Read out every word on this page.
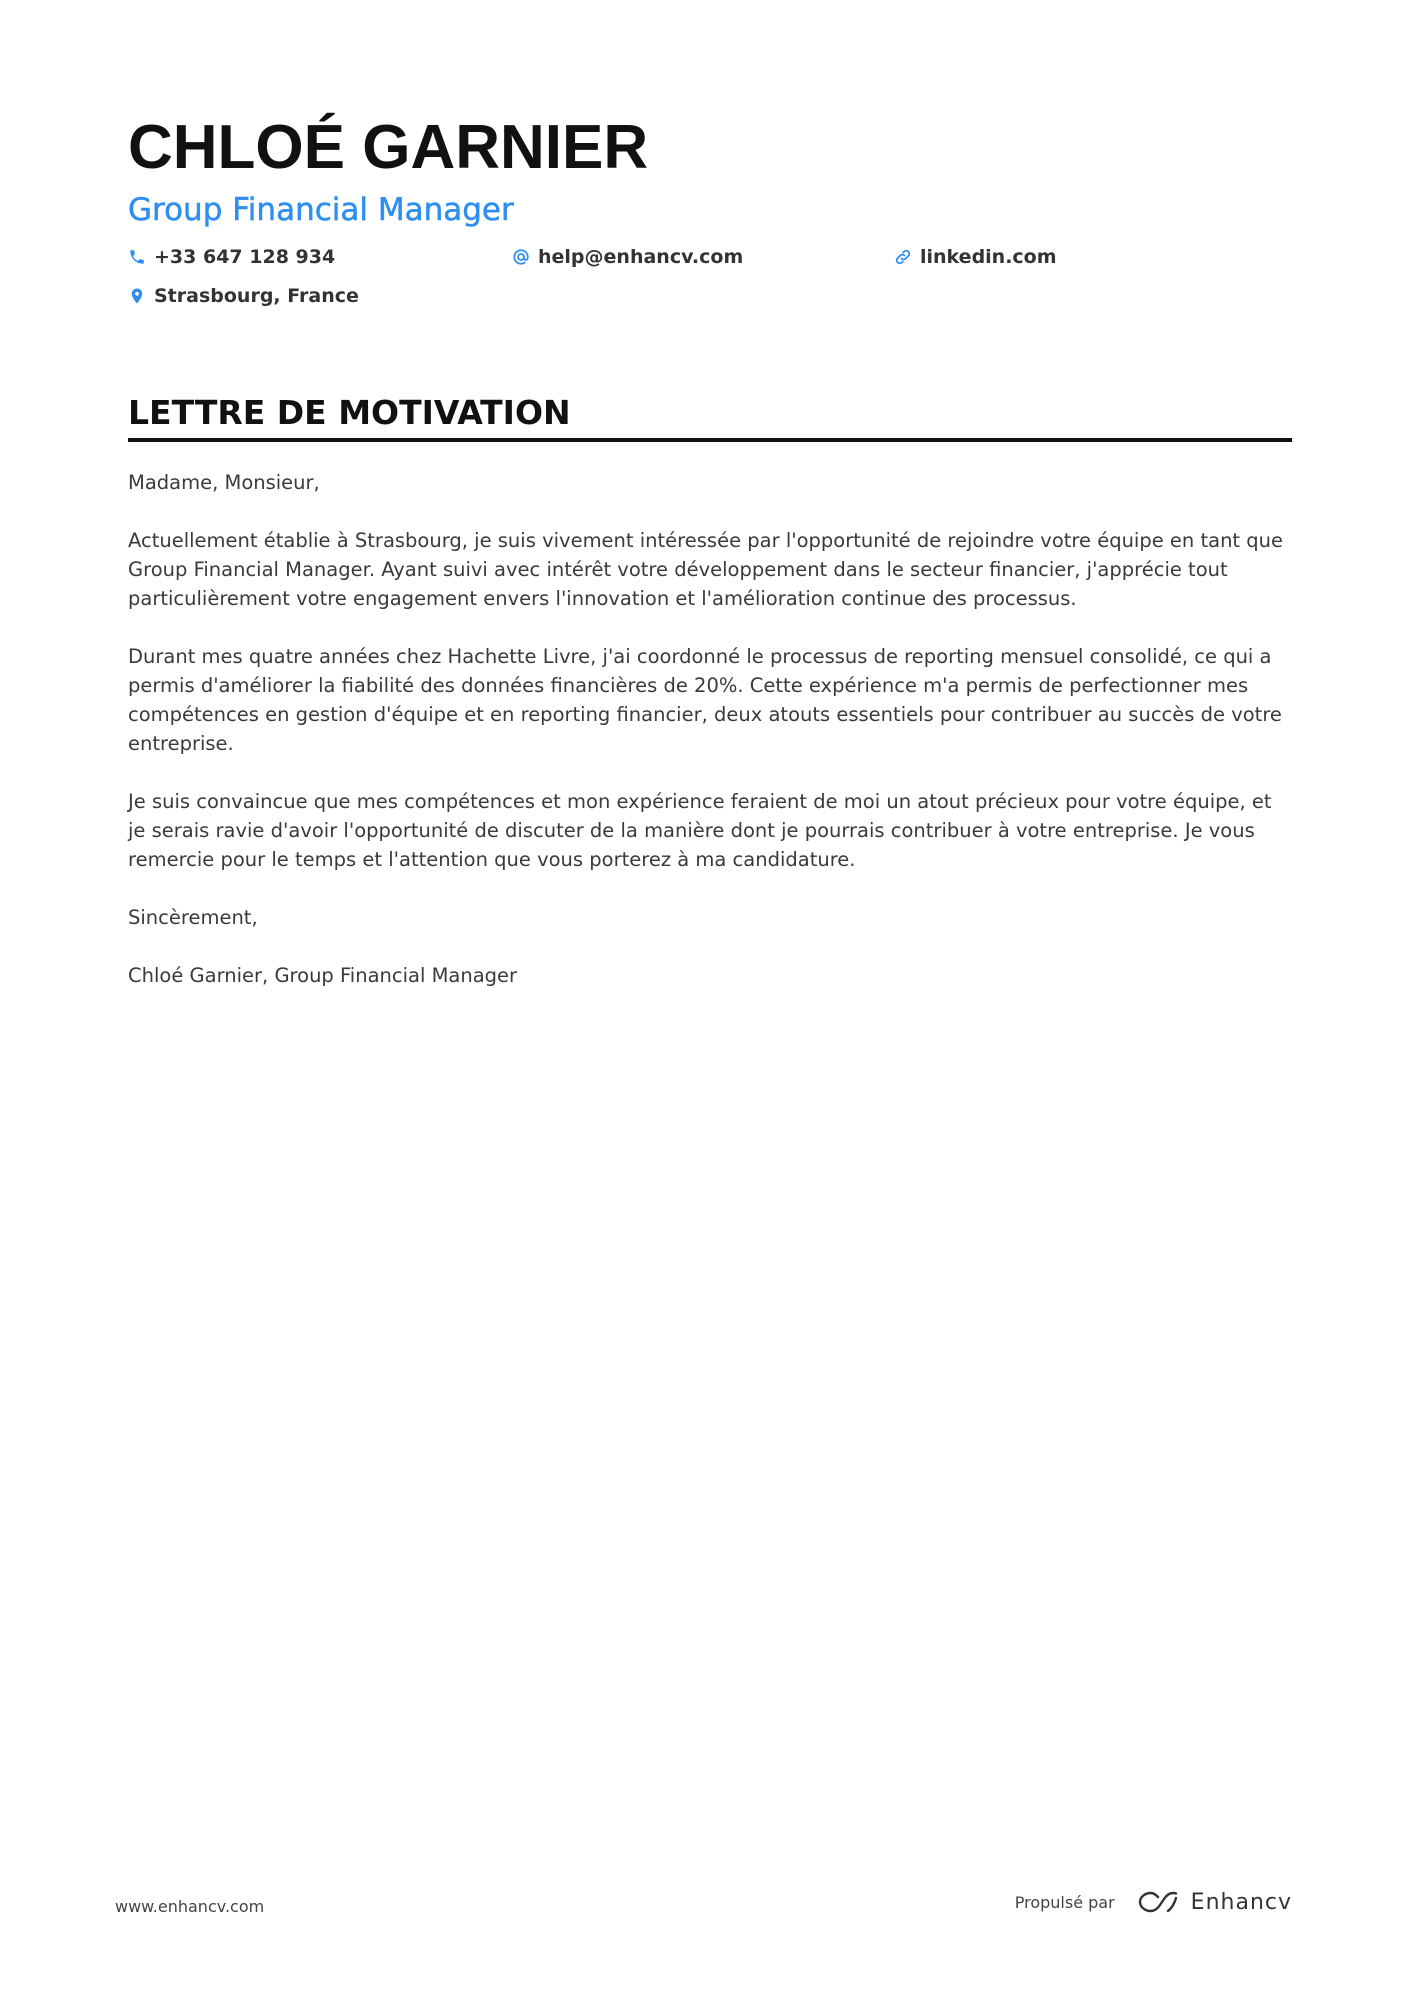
CHLOÉ GARNIER
Group Financial Manager
+33 647 128 934	help@enhancv.com	linkedin.com
Strasbourg, France
LETTRE DE MOTIVATION

Madame, Monsieur,

Actuellement établie à Strasbourg, je suis vivement intéressée par l'opportunité de rejoindre votre équipe en tant que Group Financial Manager. Ayant suivi avec intérêt votre développement dans le secteur financier, j'apprécie tout particulièrement votre engagement envers l'innovation et l'amélioration continue des processus.

Durant mes quatre années chez Hachette Livre, j'ai coordonné le processus de reporting mensuel consolidé, ce qui a permis d'améliorer la fiabilité des données financières de 20%. Cette expérience m'a permis de perfectionner mes compétences en gestion d'équipe et en reporting financier, deux atouts essentiels pour contribuer au succès de votre entreprise.

Je suis convaincue que mes compétences et mon expérience feraient de moi un atout précieux pour votre équipe, et je serais ravie d'avoir l'opportunité de discuter de la manière dont je pourrais contribuer à votre entreprise. Je vous remercie pour le temps et l'attention que vous porterez à ma candidature.

Sincèrement,

Chloé Garnier, Group Financial Manager

www.enhancv.com	Propulsé par	Enhancv
